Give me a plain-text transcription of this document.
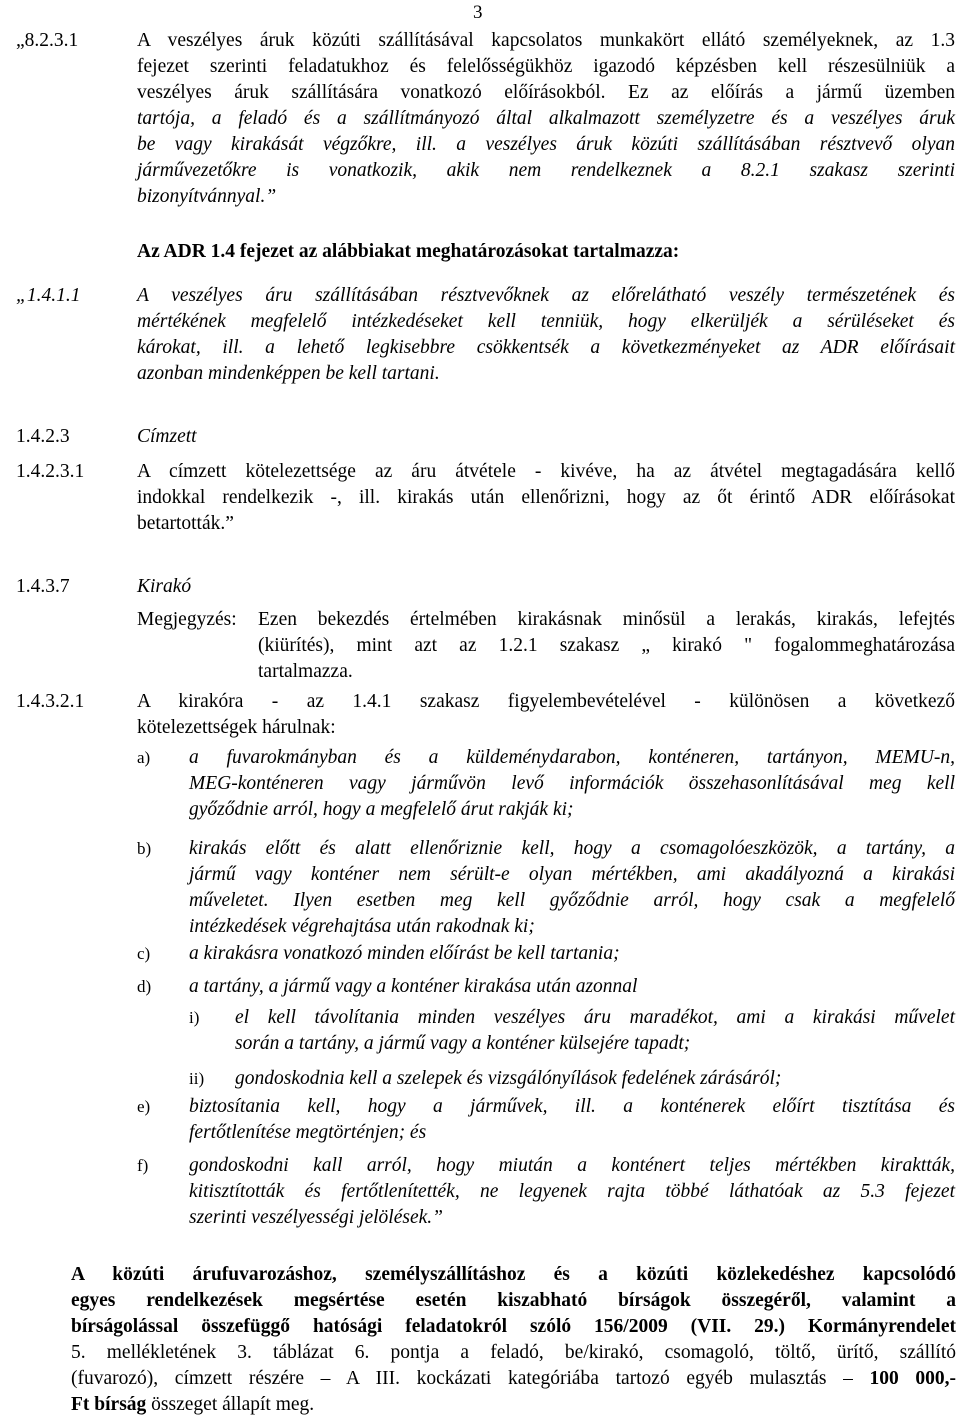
3
„8.2.3.1	A veszélyes áruk közúti szállításával kapcsolatos munkakört ellátó személyeknek, az 1.3
fejezet szerinti feladatukhoz és felelősségükhöz igazodó képzésben kell részesülniük a
veszélyes áruk szállítására vonatkozó előírásokból. Ez az előírás a jármű üzemben
tartója, a feladó és a szállítmányozó által alkalmazott személyzetre és a veszélyes áruk
be vagy kirakását végzőkre, ill. a veszélyes áruk közúti szállításában résztvevő olyan
járművezetőkre is vonatkozik, akik nem rendelkeznek a 8.2.1 szakasz szerinti
bizonyítvánnyal.”
Az ADR 1.4 fejezet az alábbiakat meghatározásokat tartalmazza:
„1.4.1.1	A veszélyes áru szállításában résztvevőknek az előrelátható veszély természetének és
mértékének megfelelő intézkedéseket kell tenniük, hogy elkerüljék a sérüléseket és
károkat, ill. a lehető legkisebbre csökkentsék a következményeket az ADR előírásait
azonban mindenképpen be kell tartani.
1.4.2.3	Címzett
1.4.2.3.1	A címzett kötelezettsége az áru átvétele - kivéve, ha az átvétel megtagadására kellő
indokkal rendelkezik -, ill. kirakás után ellenőrizni, hogy az őt érintő ADR előírásokat
betartották.”
1.4.3.7	Kirakó
Megjegyzés: Ezen bekezdés értelmében kirakásnak minősül a lerakás, kirakás, lefejtés
(kiürítés), mint azt az 1.2.1 szakasz „ kirakó " fogalommeghatározása
tartalmazza.
1.4.3.2.1	A kirakóra - az 1.4.1 szakasz figyelembevételével - különösen a következő
kötelezettségek hárulnak:
a) a fuvarokmányban és a küldeménydarabon, konténeren, tartányon, MEMU-n,
MEG-konténeren vagy járművön levő információk összehasonlításával meg kell
győződnie arról, hogy a megfelelő árut rakják ki;
b) kirakás előtt és alatt ellenőriznie kell, hogy a csomagolóeszközök, a tartány, a
jármű vagy konténer nem sérült-e olyan mértékben, ami akadályozná a kirakási
műveletet. Ilyen esetben meg kell győződnie arról, hogy csak a megfelelő
intézkedések végrehajtása után rakodnak ki;
c) a kirakásra vonatkozó minden előírást be kell tartania;
d) a tartány, a jármű vagy a konténer kirakása után azonnal
i) el kell távolítania minden veszélyes áru maradékot, ami a kirakási művelet
során a tartány, a jármű vagy a konténer külsejére tapadt;
ii) gondoskodnia kell a szelepek és vizsgálónyílások fedelének zárásáról;
e) biztosítania kell, hogy a járművek, ill. a konténerek előírt tisztítása és
fertőtlenítése megtörténjen; és
f) gondoskodni kall arról, hogy miután a konténert teljes mértékben kiraktták,
kitisztították és fertőtlenítették, ne legyenek rajta többé láthatóak az 5.3 fejezet
szerinti veszélyességi jelölések.”
A közúti árufuvarozáshoz, személyszállításhoz és a közúti közlekedéshez kapcsolódó
egyes rendelkezések megsértése esetén kiszabható bírságok összegéről, valamint a
bírságolással összefüggő hatósági feladatokról szóló 156/2009 (VII. 29.) Kormányrendelet
5. mellékletének 3. táblázat 6. pontja a feladó, be/kirakó, csomagoló, töltő, ürítő, szállító
(fuvarozó), címzett részére – A III. kockázati kategóriába tartozó egyéb mulasztás – 100 000,-
Ft bírság összeget állapít meg.
